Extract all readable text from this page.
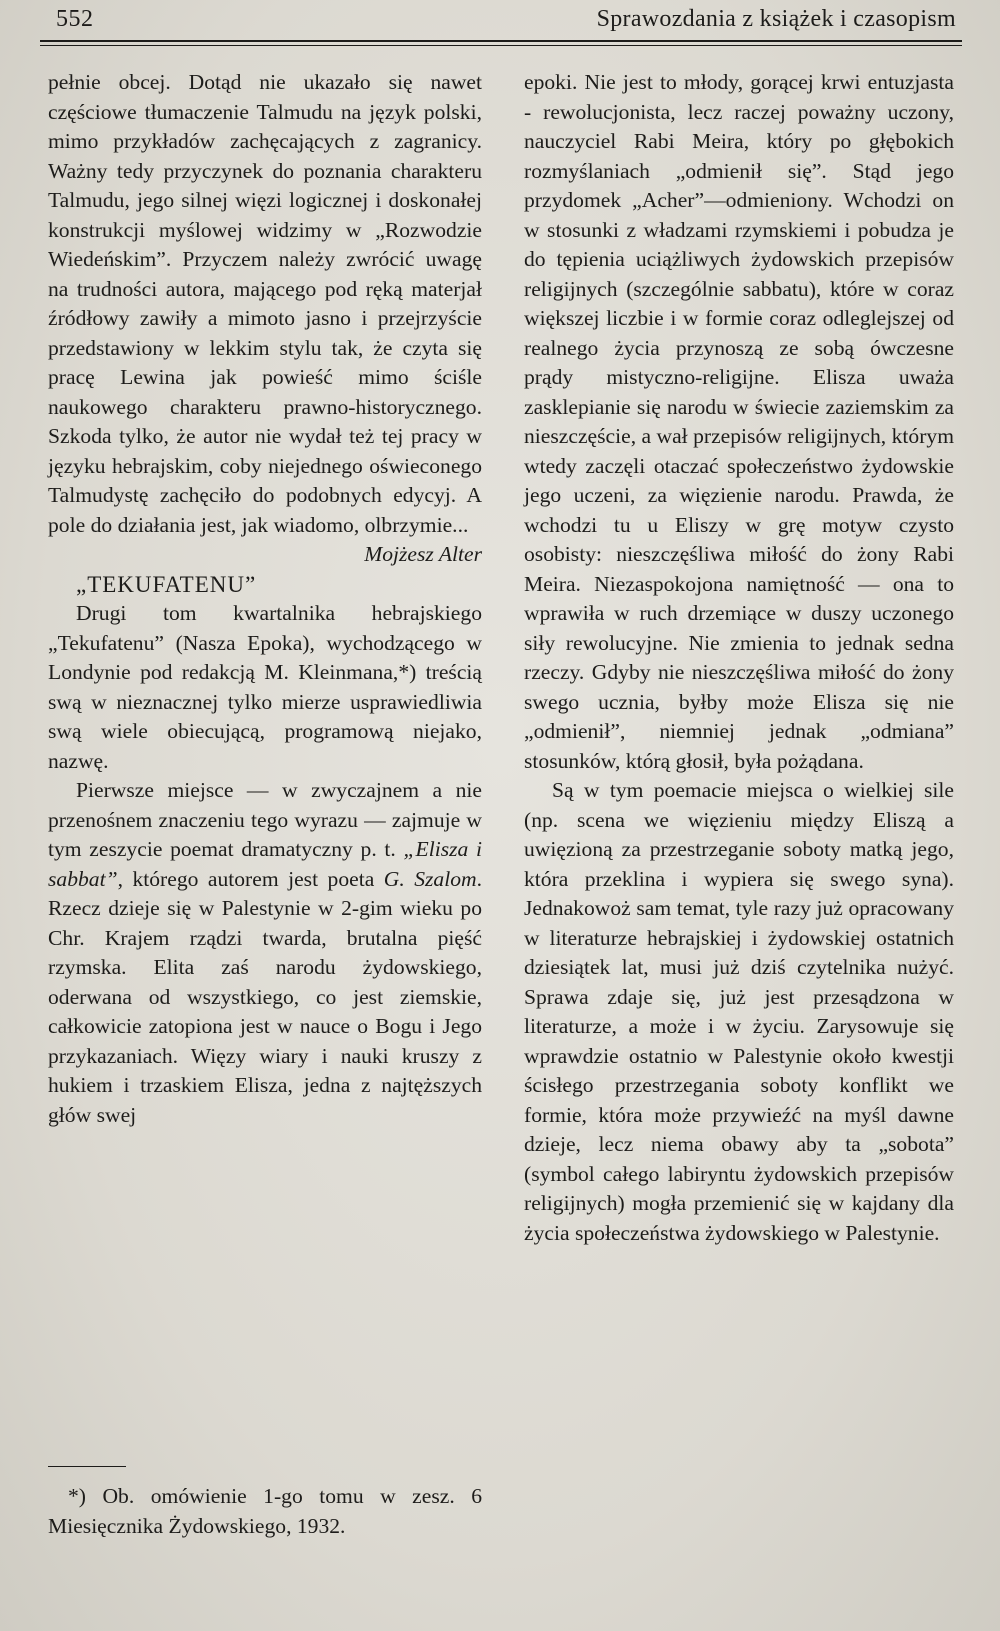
552	Sprawozdania z książek i czasopism

pełnie obcej. Dotąd nie ukazało się nawet częściowe tłumaczenie Talmudu na język polski, mimo przykładów zachęcających z zagranicy. Ważny tedy przyczynek do poznania charakteru Talmudu, jego silnej więzi logicznej i doskonałej konstrukcji myślowej widzimy w „Rozwodzie Wiedeńskim”. Przyczem należy zwrócić uwagę na trudności autora, mającego pod ręką materjał źródłowy zawiły a mimoto jasno i przejrzyście przedstawiony w lekkim stylu tak, że czyta się pracę Lewina jak powieść mimo ściśle naukowego charakteru prawno-historycznego. Szkoda tylko, że autor nie wydał też tej pracy w języku hebrajskim, coby niejednego oświeconego Talmudystę zachęciło do podobnych edycyj. A pole do działania jest, jak wiadomo, olbrzymie...

Mojżesz Alter

„TEKUFATENU”

Drugi tom kwartalnika hebrajskiego „Tekufatenu” (Nasza Epoka), wychodzącego w Londynie pod redakcją M. Kleinmana,*) treścią swą w nieznacznej tylko mierze usprawiedliwia swą wiele obiecującą, programową niejako, nazwę.

Pierwsze miejsce — w zwyczajnem a nie przenośnem znaczeniu tego wyrazu — zajmuje w tym zeszycie poemat dramatyczny p. t. „Elisza i sabbat”, którego autorem jest poeta G. Szalom. Rzecz dzieje się w Palestynie w 2-gim wieku po Chr. Krajem rządzi twarda, brutalna pięść rzymska. Elita zaś narodu żydowskiego, oderwana od wszystkiego, co jest ziemskie, całkowicie zatopiona jest w nauce o Bogu i Jego przykazaniach. Więzy wiary i nauki kruszy z hukiem i trzaskiem Elisza, jedna z najtęższych głów swej

epoki. Nie jest to młody, gorącej krwi entuzjasta - rewolucjonista, lecz raczej poważny uczony, nauczyciel Rabi Meira, który po głębokich rozmyślaniach „odmienił się”. Stąd jego przydomek „Acher”—odmieniony. Wchodzi on w stosunki z władzami rzymskiemi i pobudza je do tępienia uciążliwych żydowskich przepisów religijnych (szczególnie sabbatu), które w coraz większej liczbie i w formie coraz odleglejszej od realnego życia przynoszą ze sobą ówczesne prądy mistyczno-religijne. Elisza uważa zasklepianie się narodu w świecie zaziemskim za nieszczęście, a wał przepisów religijnych, którym wtedy zaczęli otaczać społeczeństwo żydowskie jego uczeni, za więzienie narodu. Prawda, że wchodzi tu u Eliszy w grę motyw czysto osobisty: nieszczęśliwa miłość do żony Rabi Meira. Niezaspokojona namiętność — ona to wprawiła w ruch drzemiące w duszy uczonego siły rewolucyjne. Nie zmienia to jednak sedna rzeczy. Gdyby nie nieszczęśliwa miłość do żony swego ucznia, byłby może Elisza się nie „odmienił”, niemniej jednak „odmiana” stosunków, którą głosił, była pożądana.

Są w tym poemacie miejsca o wielkiej sile (np. scena we więzieniu między Eliszą a uwięzioną za przestrzeganie soboty matką jego, która przeklina i wypiera się swego syna). Jednakowoż sam temat, tyle razy już opracowany w literaturze hebrajskiej i żydowskiej ostatnich dziesiątek lat, musi już dziś czytelnika nużyć. Sprawa zdaje się, już jest przesądzona w literaturze, a może i w życiu. Zarysowuje się wprawdzie ostatnio w Palestynie około kwestji ścisłego przestrzegania soboty konflikt we formie, która może przywieźć na myśl dawne dzieje, lecz niema obawy aby ta „sobota” (symbol całego labiryntu żydowskich przepisów religijnych) mogła przemienić się w kajdany dla życia społeczeństwa żydowskiego w Palestynie.

*) Ob. omówienie 1-go tomu w zesz. 6 Miesięcznika Żydowskiego, 1932.
